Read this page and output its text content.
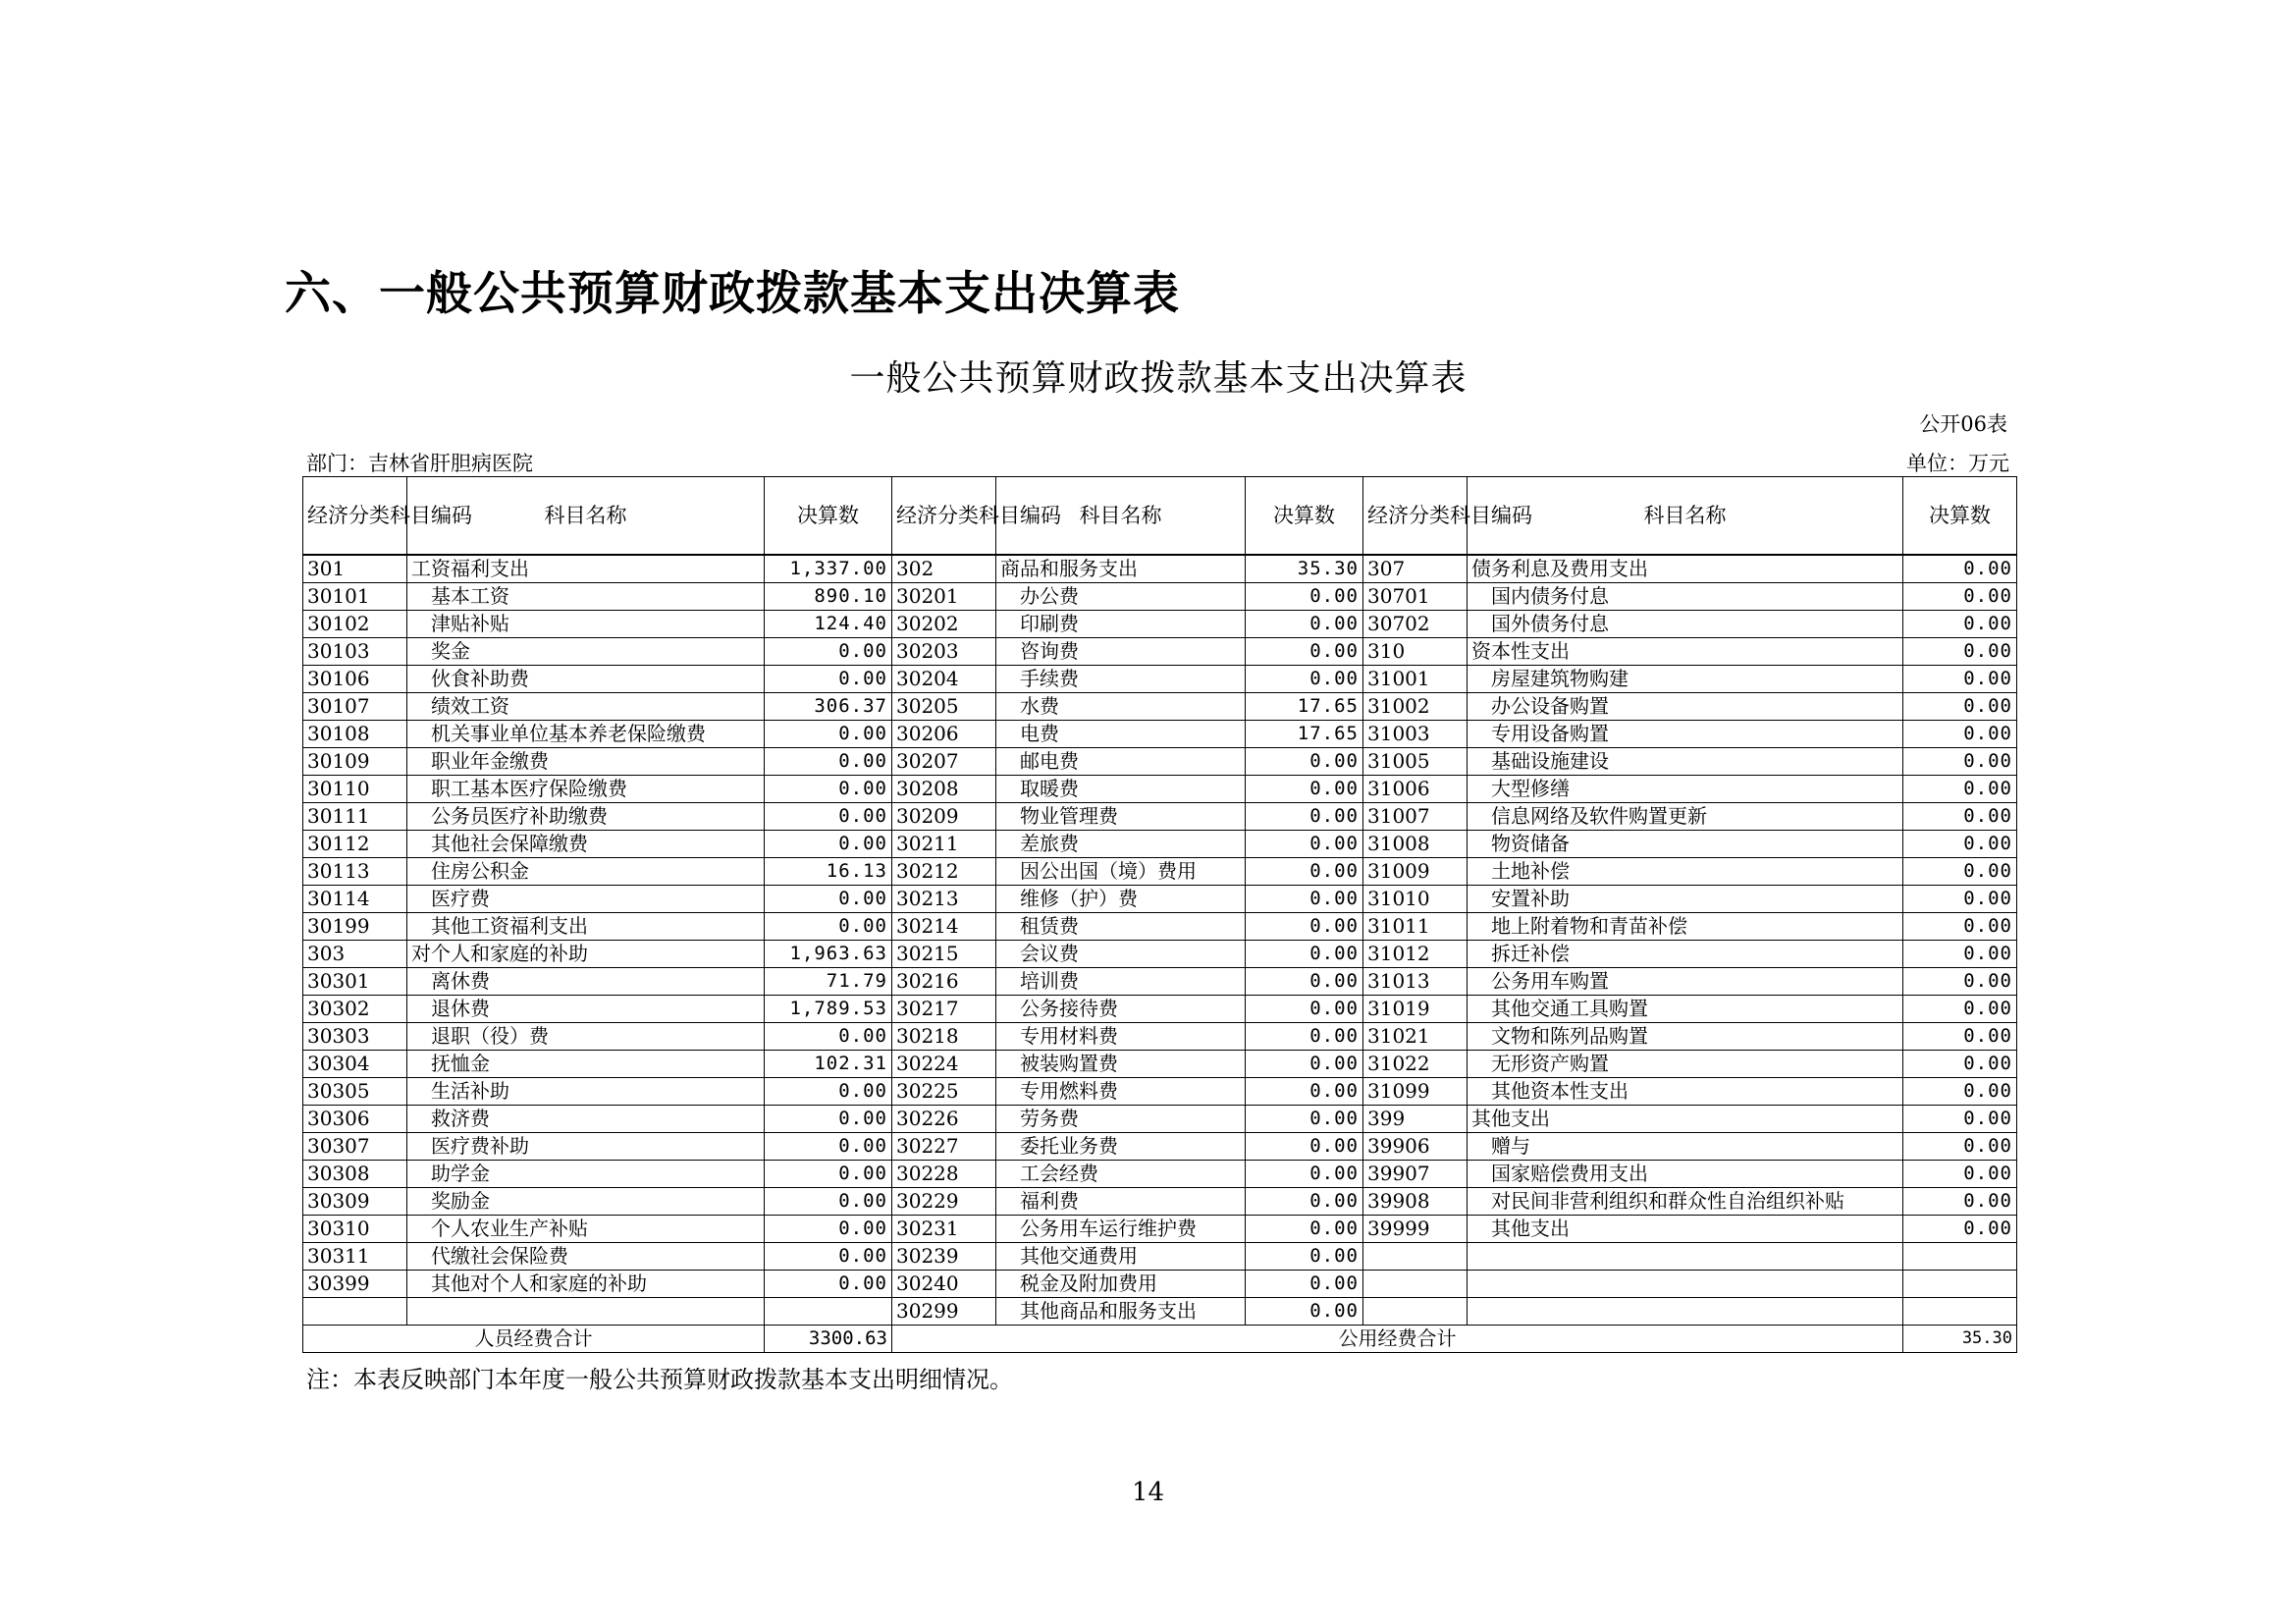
六、一般公共预算财政拨款基本支出决算表
一般公共预算财政拨款基本支出决算表
公开06表
部门：吉林省肝胆病医院	单位：万元
经济分类科目编码	科目名称	决算数	经济分类科目编码	科目名称	决算数	经济分类科目编码	科目名称	决算数
301	工资福利支出	1,337.00	302	商品和服务支出	35.30	307	债务利息及费用支出	0.00
30101	基本工资	890.10	30201	办公费	0.00	30701	国内债务付息	0.00
30102	津贴补贴	124.40	30202	印刷费	0.00	30702	国外债务付息	0.00
30103	奖金	0.00	30203	咨询费	0.00	310	资本性支出	0.00
30106	伙食补助费	0.00	30204	手续费	0.00	31001	房屋建筑物购建	0.00
30107	绩效工资	306.37	30205	水费	17.65	31002	办公设备购置	0.00
30108	机关事业单位基本养老保险缴费	0.00	30206	电费	17.65	31003	专用设备购置	0.00
30109	职业年金缴费	0.00	30207	邮电费	0.00	31005	基础设施建设	0.00
30110	职工基本医疗保险缴费	0.00	30208	取暖费	0.00	31006	大型修缮	0.00
30111	公务员医疗补助缴费	0.00	30209	物业管理费	0.00	31007	信息网络及软件购置更新	0.00
30112	其他社会保障缴费	0.00	30211	差旅费	0.00	31008	物资储备	0.00
30113	住房公积金	16.13	30212	因公出国（境）费用	0.00	31009	土地补偿	0.00
30114	医疗费	0.00	30213	维修（护）费	0.00	31010	安置补助	0.00
30199	其他工资福利支出	0.00	30214	租赁费	0.00	31011	地上附着物和青苗补偿	0.00
303	对个人和家庭的补助	1,963.63	30215	会议费	0.00	31012	拆迁补偿	0.00
30301	离休费	71.79	30216	培训费	0.00	31013	公务用车购置	0.00
30302	退休费	1,789.53	30217	公务接待费	0.00	31019	其他交通工具购置	0.00
30303	退职（役）费	0.00	30218	专用材料费	0.00	31021	文物和陈列品购置	0.00
30304	抚恤金	102.31	30224	被装购置费	0.00	31022	无形资产购置	0.00
30305	生活补助	0.00	30225	专用燃料费	0.00	31099	其他资本性支出	0.00
30306	救济费	0.00	30226	劳务费	0.00	399	其他支出	0.00
30307	医疗费补助	0.00	30227	委托业务费	0.00	39906	赠与	0.00
30308	助学金	0.00	30228	工会经费	0.00	39907	国家赔偿费用支出	0.00
30309	奖励金	0.00	30229	福利费	0.00	39908	对民间非营利组织和群众性自治组织补贴	0.00
30310	个人农业生产补贴	0.00	30231	公务用车运行维护费	0.00	39999	其他支出	0.00
30311	代缴社会保险费	0.00	30239	其他交通费用	0.00			
30399	其他对个人和家庭的补助	0.00	30240	税金及附加费用	0.00			
			30299	其他商品和服务支出	0.00			
人员经费合计		3300.63	公用经费合计					35.30
注：本表反映部门本年度一般公共预算财政拨款基本支出明细情况。
14
